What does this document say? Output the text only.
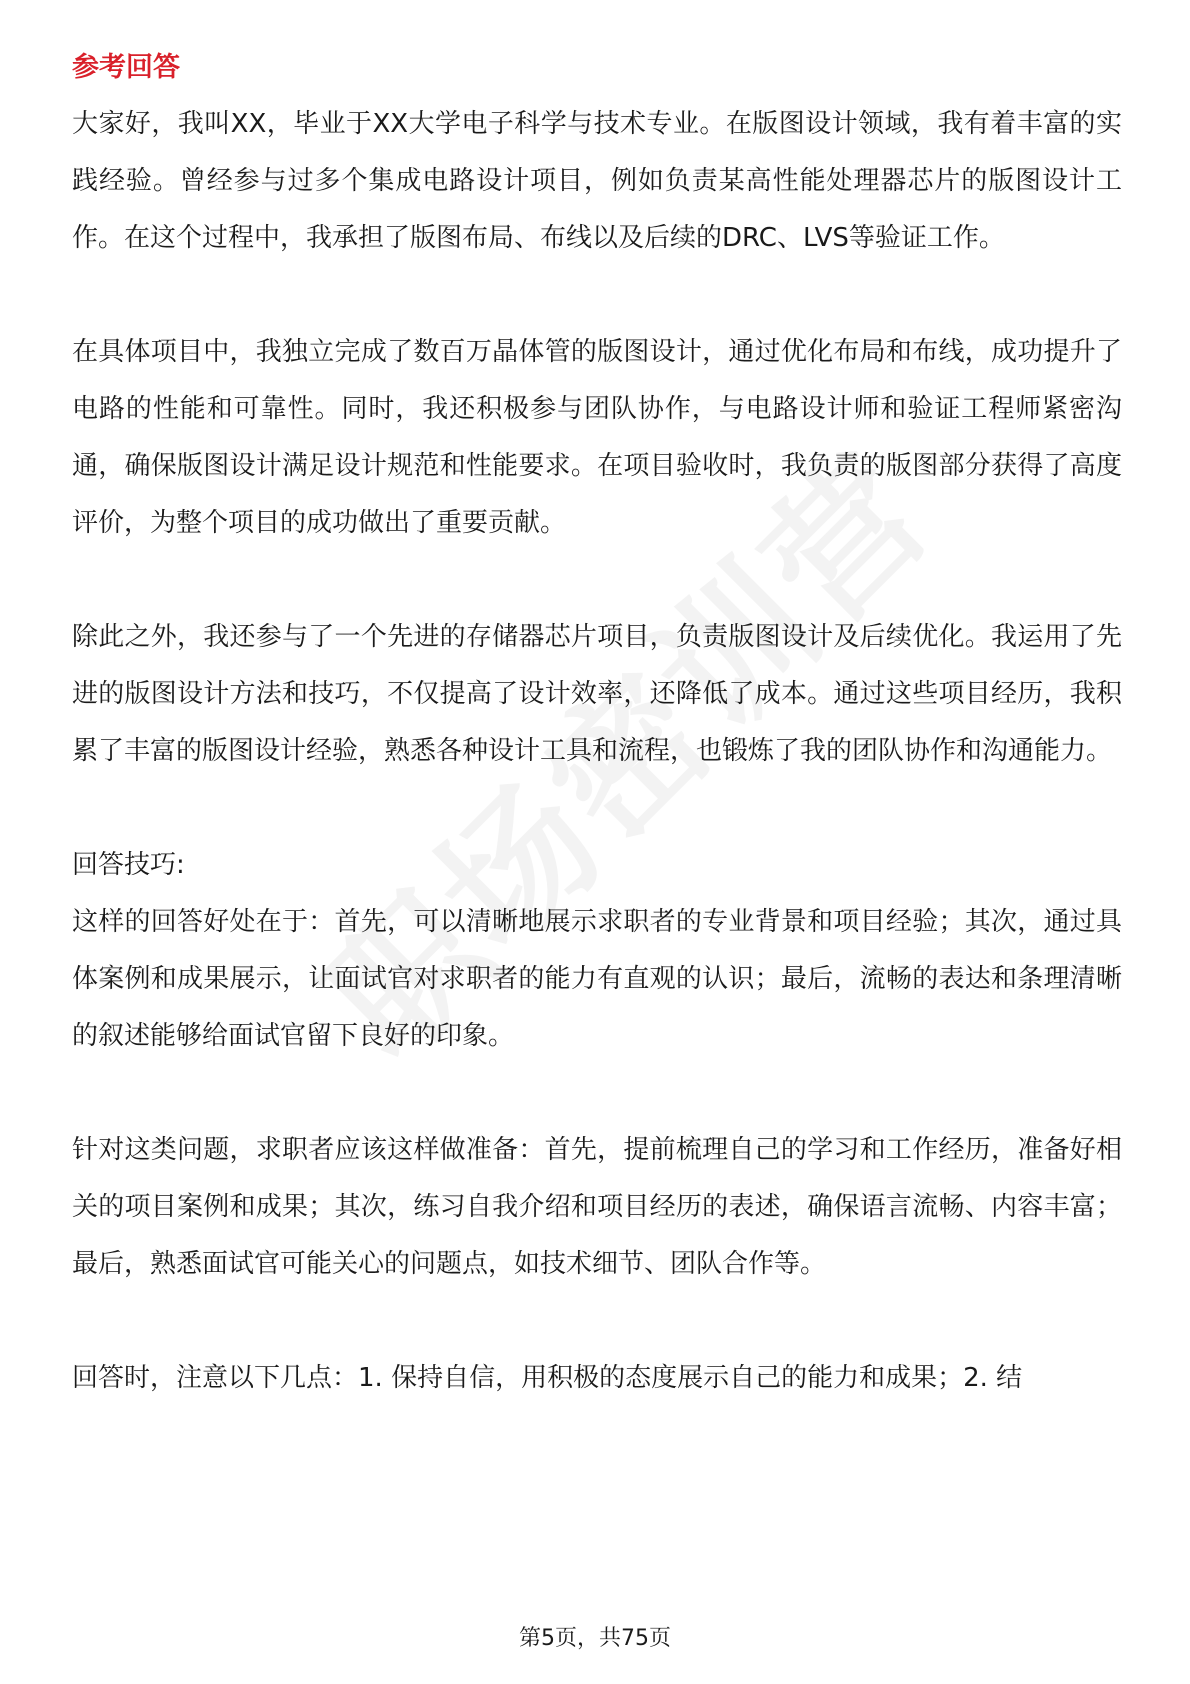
参考回答

大家好，我叫XX，毕业于XX大学电子科学与技术专业。在版图设计领域，我有着丰富的实践经验。曾经参与过多个集成电路设计项目，例如负责某高性能处理器芯片的版图设计工作。在这个过程中，我承担了版图布局、布线以及后续的DRC、LVS等验证工作。

在具体项目中，我独立完成了数百万晶体管的版图设计，通过优化布局和布线，成功提升了电路的性能和可靠性。同时，我还积极参与团队协作，与电路设计师和验证工程师紧密沟通，确保版图设计满足设计规范和性能要求。在项目验收时，我负责的版图部分获得了高度评价，为整个项目的成功做出了重要贡献。

除此之外，我还参与了一个先进的存储器芯片项目，负责版图设计及后续优化。我运用了先进的版图设计方法和技巧，不仅提高了设计效率，还降低了成本。通过这些项目经历，我积累了丰富的版图设计经验，熟悉各种设计工具和流程，也锻炼了我的团队协作和沟通能力。

回答技巧:

这样的回答好处在于：首先，可以清晰地展示求职者的专业背景和项目经验；其次，通过具体案例和成果展示，让面试官对求职者的能力有直观的认识；最后，流畅的表达和条理清晰的叙述能够给面试官留下良好的印象。

针对这类问题，求职者应该这样做准备：首先，提前梳理自己的学习和工作经历，准备好相关的项目案例和成果；其次，练习自我介绍和项目经历的表述，确保语言流畅、内容丰富；最后，熟悉面试官可能关心的问题点，如技术细节、团队合作等。

回答时，注意以下几点：1. 保持自信，用积极的态度展示自己的能力和成果；2. 结

第5页，共75页
